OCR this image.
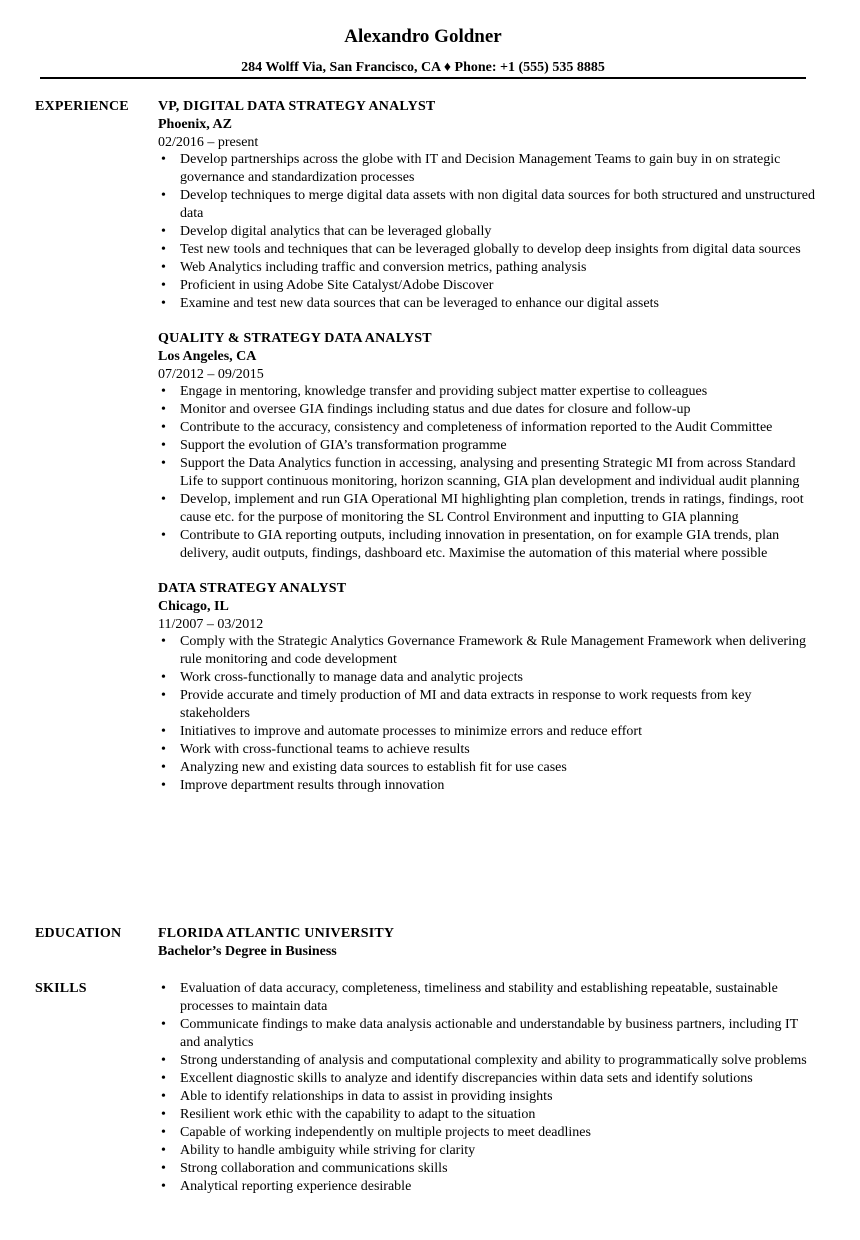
Alexandro Goldner
284 Wolff Via, San Francisco, CA ♦ Phone: +1 (555) 535 8885
EXPERIENCE VP, DIGITAL DATA STRATEGY ANALYST
Phoenix, AZ
02/2016 – present
• Develop partnerships across the globe with IT and Decision Management Teams to gain buy in on strategic governance and standardization processes
• Develop techniques to merge digital data assets with non digital data sources for both structured and unstructured data
• Develop digital analytics that can be leveraged globally
• Test new tools and techniques that can be leveraged globally to develop deep insights from digital data sources
• Web Analytics including traffic and conversion metrics, pathing analysis
• Proficient in using Adobe Site Catalyst/Adobe Discover
• Examine and test new data sources that can be leveraged to enhance our digital assets
QUALITY & STRATEGY DATA ANALYST
Los Angeles, CA
07/2012 – 09/2015
• Engage in mentoring, knowledge transfer and providing subject matter expertise to colleagues
• Monitor and oversee GIA findings including status and due dates for closure and follow-up
• Contribute to the accuracy, consistency and completeness of information reported to the Audit Committee
• Support the evolution of GIA’s transformation programme
• Support the Data Analytics function in accessing, analysing and presenting Strategic MI from across Standard Life to support continuous monitoring, horizon scanning, GIA plan development and individual audit planning
• Develop, implement and run GIA Operational MI highlighting plan completion, trends in ratings, findings, root cause etc. for the purpose of monitoring the SL Control Environment and inputting to GIA planning
• Contribute to GIA reporting outputs, including innovation in presentation, on for example GIA trends, plan delivery, audit outputs, findings, dashboard etc. Maximise the automation of this material where possible
DATA STRATEGY ANALYST
Chicago, IL
11/2007 – 03/2012
• Comply with the Strategic Analytics Governance Framework & Rule Management Framework when delivering rule monitoring and code development
• Work cross-functionally to manage data and analytic projects
• Provide accurate and timely production of MI and data extracts in response to work requests from key stakeholders
• Initiatives to improve and automate processes to minimize errors and reduce effort
• Work with cross-functional teams to achieve results
• Analyzing new and existing data sources to establish fit for use cases
• Improve department results through innovation
EDUCATION	FLORIDA ATLANTIC UNIVERSITY
Bachelor’s Degree in Business
SKILLS	• Evaluation of data accuracy, completeness, timeliness and stability and establishing repeatable, sustainable processes to maintain data
• Communicate findings to make data analysis actionable and understandable by business partners, including IT and analytics
• Strong understanding of analysis and computational complexity and ability to programmatically solve problems
• Excellent diagnostic skills to analyze and identify discrepancies within data sets and identify solutions
• Able to identify relationships in data to assist in providing insights
• Resilient work ethic with the capability to adapt to the situation
• Capable of working independently on multiple projects to meet deadlines
• Ability to handle ambiguity while striving for clarity
• Strong collaboration and communications skills
• Analytical reporting experience desirable
